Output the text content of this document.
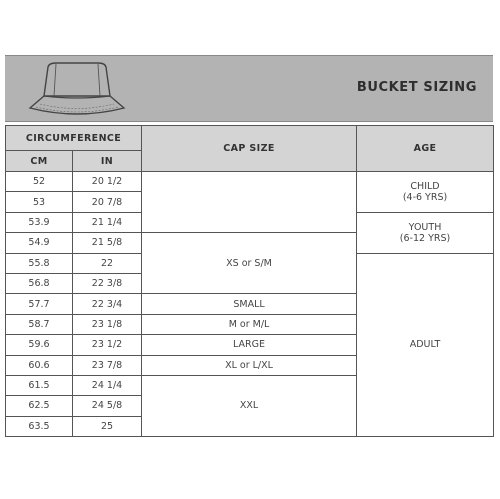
BUCKET SIZING
CIRCUMFERENCE		CAP SIZE	AGE
CM	IN		
52	20 1/2		CHILD
(4-6 YRS)

53	20 7/8		
53.9	21 1/4		YOUTH
(6-12 YRS)

54.9	21 5/8	XS or S/M	
55.8	22		ADULT

56.8	22 3/8		
57.7	22 3/4	SMALL	
58.7	23 1/8	M or M/L	
59.6	23 1/2	LARGE	
60.6	23 7/8	XL or L/XL	
61.5	24 1/4	XXL	
62.5	24 5/8		
63.5	25		
